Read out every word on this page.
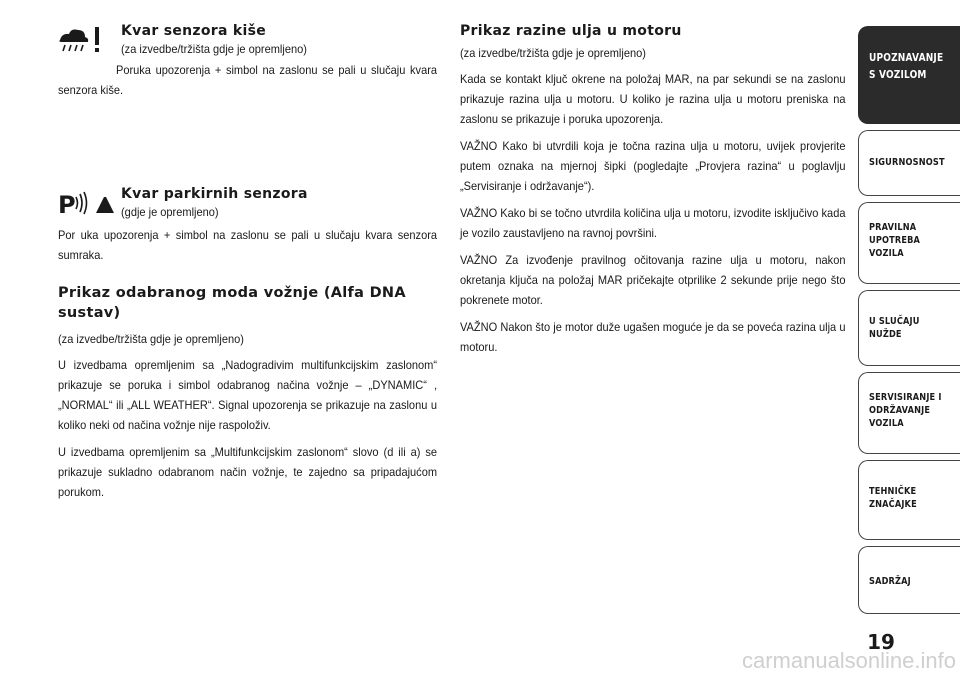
Kvar senzora kiše

(za izvedbe/tržišta gdje je opremljeno)

Poruka upozorenja + simbol na zaslonu se pali u slučaju kvara senzora kiše.

P	Kvar parkirnih senzora

(gdje je opremljeno)

Por uka upozorenja + simbol na zaslonu se pali u slučaju kvara senzora sumraka.

Prikaz odabranog moda vožnje (Alfa DNA sustav)

(za izvedbe/tržišta gdje je opremljeno)

U izvedbama opremljenim sa „Nadogradivim multifunkcijskim zaslonom“ prikazuje se poruka i simbol odabranog načina vožnje – „DYNAMIC“ , „NORMAL“ ili „ALL WEATHER“. Signal upozorenja se prikazuje na zaslonu u koliko neki od načina vožnje nije raspoloživ.

U izvedbama opremljenim sa „Multifunkcijskim zaslonom“ slovo (d ili a) se prikazuje sukladno odabranom način vožnje, te zajedno sa pripadajućom porukom.

Prikaz razine ulja u motoru

(za izvedbe/tržišta gdje je opremljeno)

Kada se kontakt ključ okrene na položaj MAR, na par sekundi se na zaslonu prikazuje razina ulja u motoru. U koliko je razina ulja u motoru preniska na zaslonu se prikazuje i poruka upozorenja.

VAŽNO Kako bi utvrdili koja je točna razina ulja u motoru, uvijek provjerite putem oznaka na mjernoj šipki (pogledajte „Provjera razina“ u poglavlju „Servisiranje i održavanje“).

VAŽNO Kako bi se točno utvrdila količina ulja u motoru, izvodite isključivo kada je vozilo zaustavljeno na ravnoj površini.

VAŽNO Za izvođenje pravilnog očitovanja razine ulja u motoru, nakon okretanja ključa na položaj MAR pričekajte otprilike 2 sekunde prije nego što pokrenete motor.

VAŽNO Nakon što je motor duže ugašen moguće je da se poveća razina ulja u motoru.

UPOZNAVANJE
S VOZILOM
SIGURNOSNOST
PRAVILNA
UPOTREBA
VOZILA
U SLUČAJU
NUŽDE
SERVISIRANJE I
ODRŽAVANJE
VOZILA
TEHNIČKE
ZNAČAJKE
SADRŽAJ
19
carmanualsonline.info
